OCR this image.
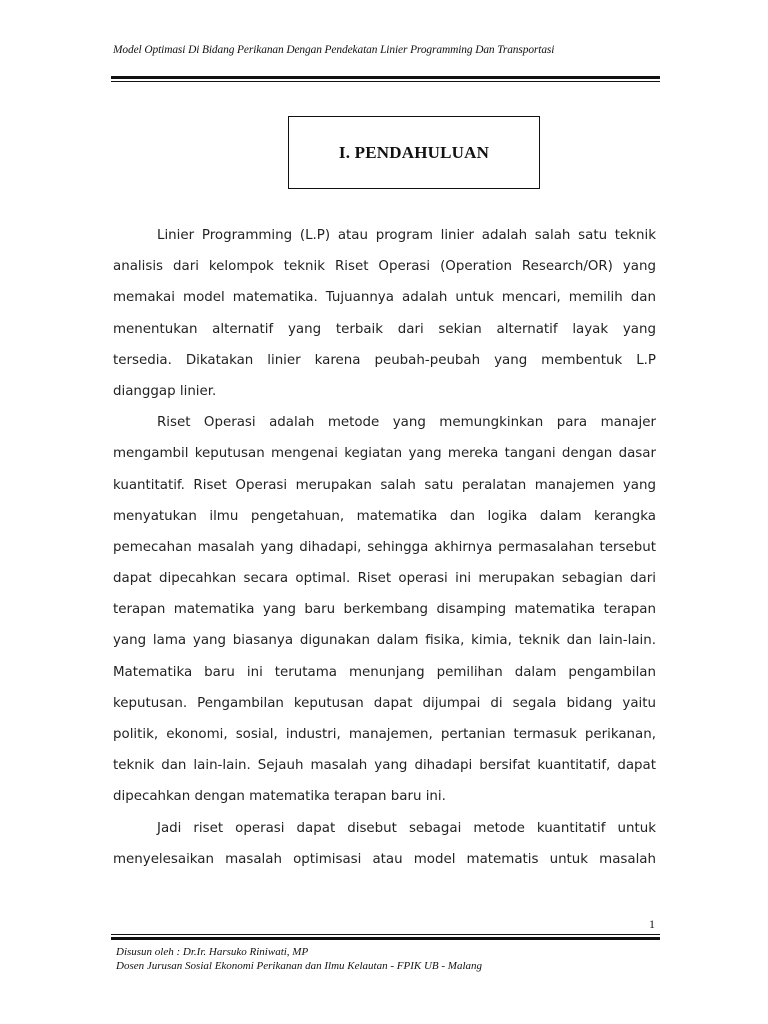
Model Optimasi Di Bidang Perikanan Dengan Pendekatan Linier Programming Dan Transportasi
I. PENDAHULUAN
Linier Programming (L.P) atau program linier adalah salah satu teknik
analisis dari kelompok teknik Riset Operasi (Operation Research/OR) yang
memakai model matematika. Tujuannya adalah untuk mencari, memilih dan
menentukan alternatif yang terbaik dari sekian alternatif layak yang
tersedia. Dikatakan linier karena peubah-peubah yang membentuk L.P
dianggap linier.
Riset Operasi adalah metode yang memungkinkan para manajer
mengambil keputusan mengenai kegiatan yang mereka tangani dengan dasar
kuantitatif. Riset Operasi merupakan salah satu peralatan manajemen yang
menyatukan ilmu pengetahuan, matematika dan logika dalam kerangka
pemecahan masalah yang dihadapi, sehingga akhirnya permasalahan tersebut
dapat dipecahkan secara optimal. Riset operasi ini merupakan sebagian dari
terapan matematika yang baru berkembang disamping matematika terapan
yang lama yang biasanya digunakan dalam fisika, kimia, teknik dan lain-lain.
Matematika baru ini terutama menunjang pemilihan dalam pengambilan
keputusan. Pengambilan keputusan dapat dijumpai di segala bidang yaitu
politik, ekonomi, sosial, industri, manajemen, pertanian termasuk perikanan,
teknik dan lain-lain. Sejauh masalah yang dihadapi bersifat kuantitatif, dapat
dipecahkan dengan matematika terapan baru ini.
Jadi riset operasi dapat disebut sebagai metode kuantitatif untuk
menyelesaikan masalah optimisasi atau model matematis untuk masalah
1
Disusun oleh : Dr.Ir. Harsuko Riniwati, MP
Dosen Jurusan Sosial Ekonomi Perikanan dan Ilmu Kelautan - FPIK UB - Malang
